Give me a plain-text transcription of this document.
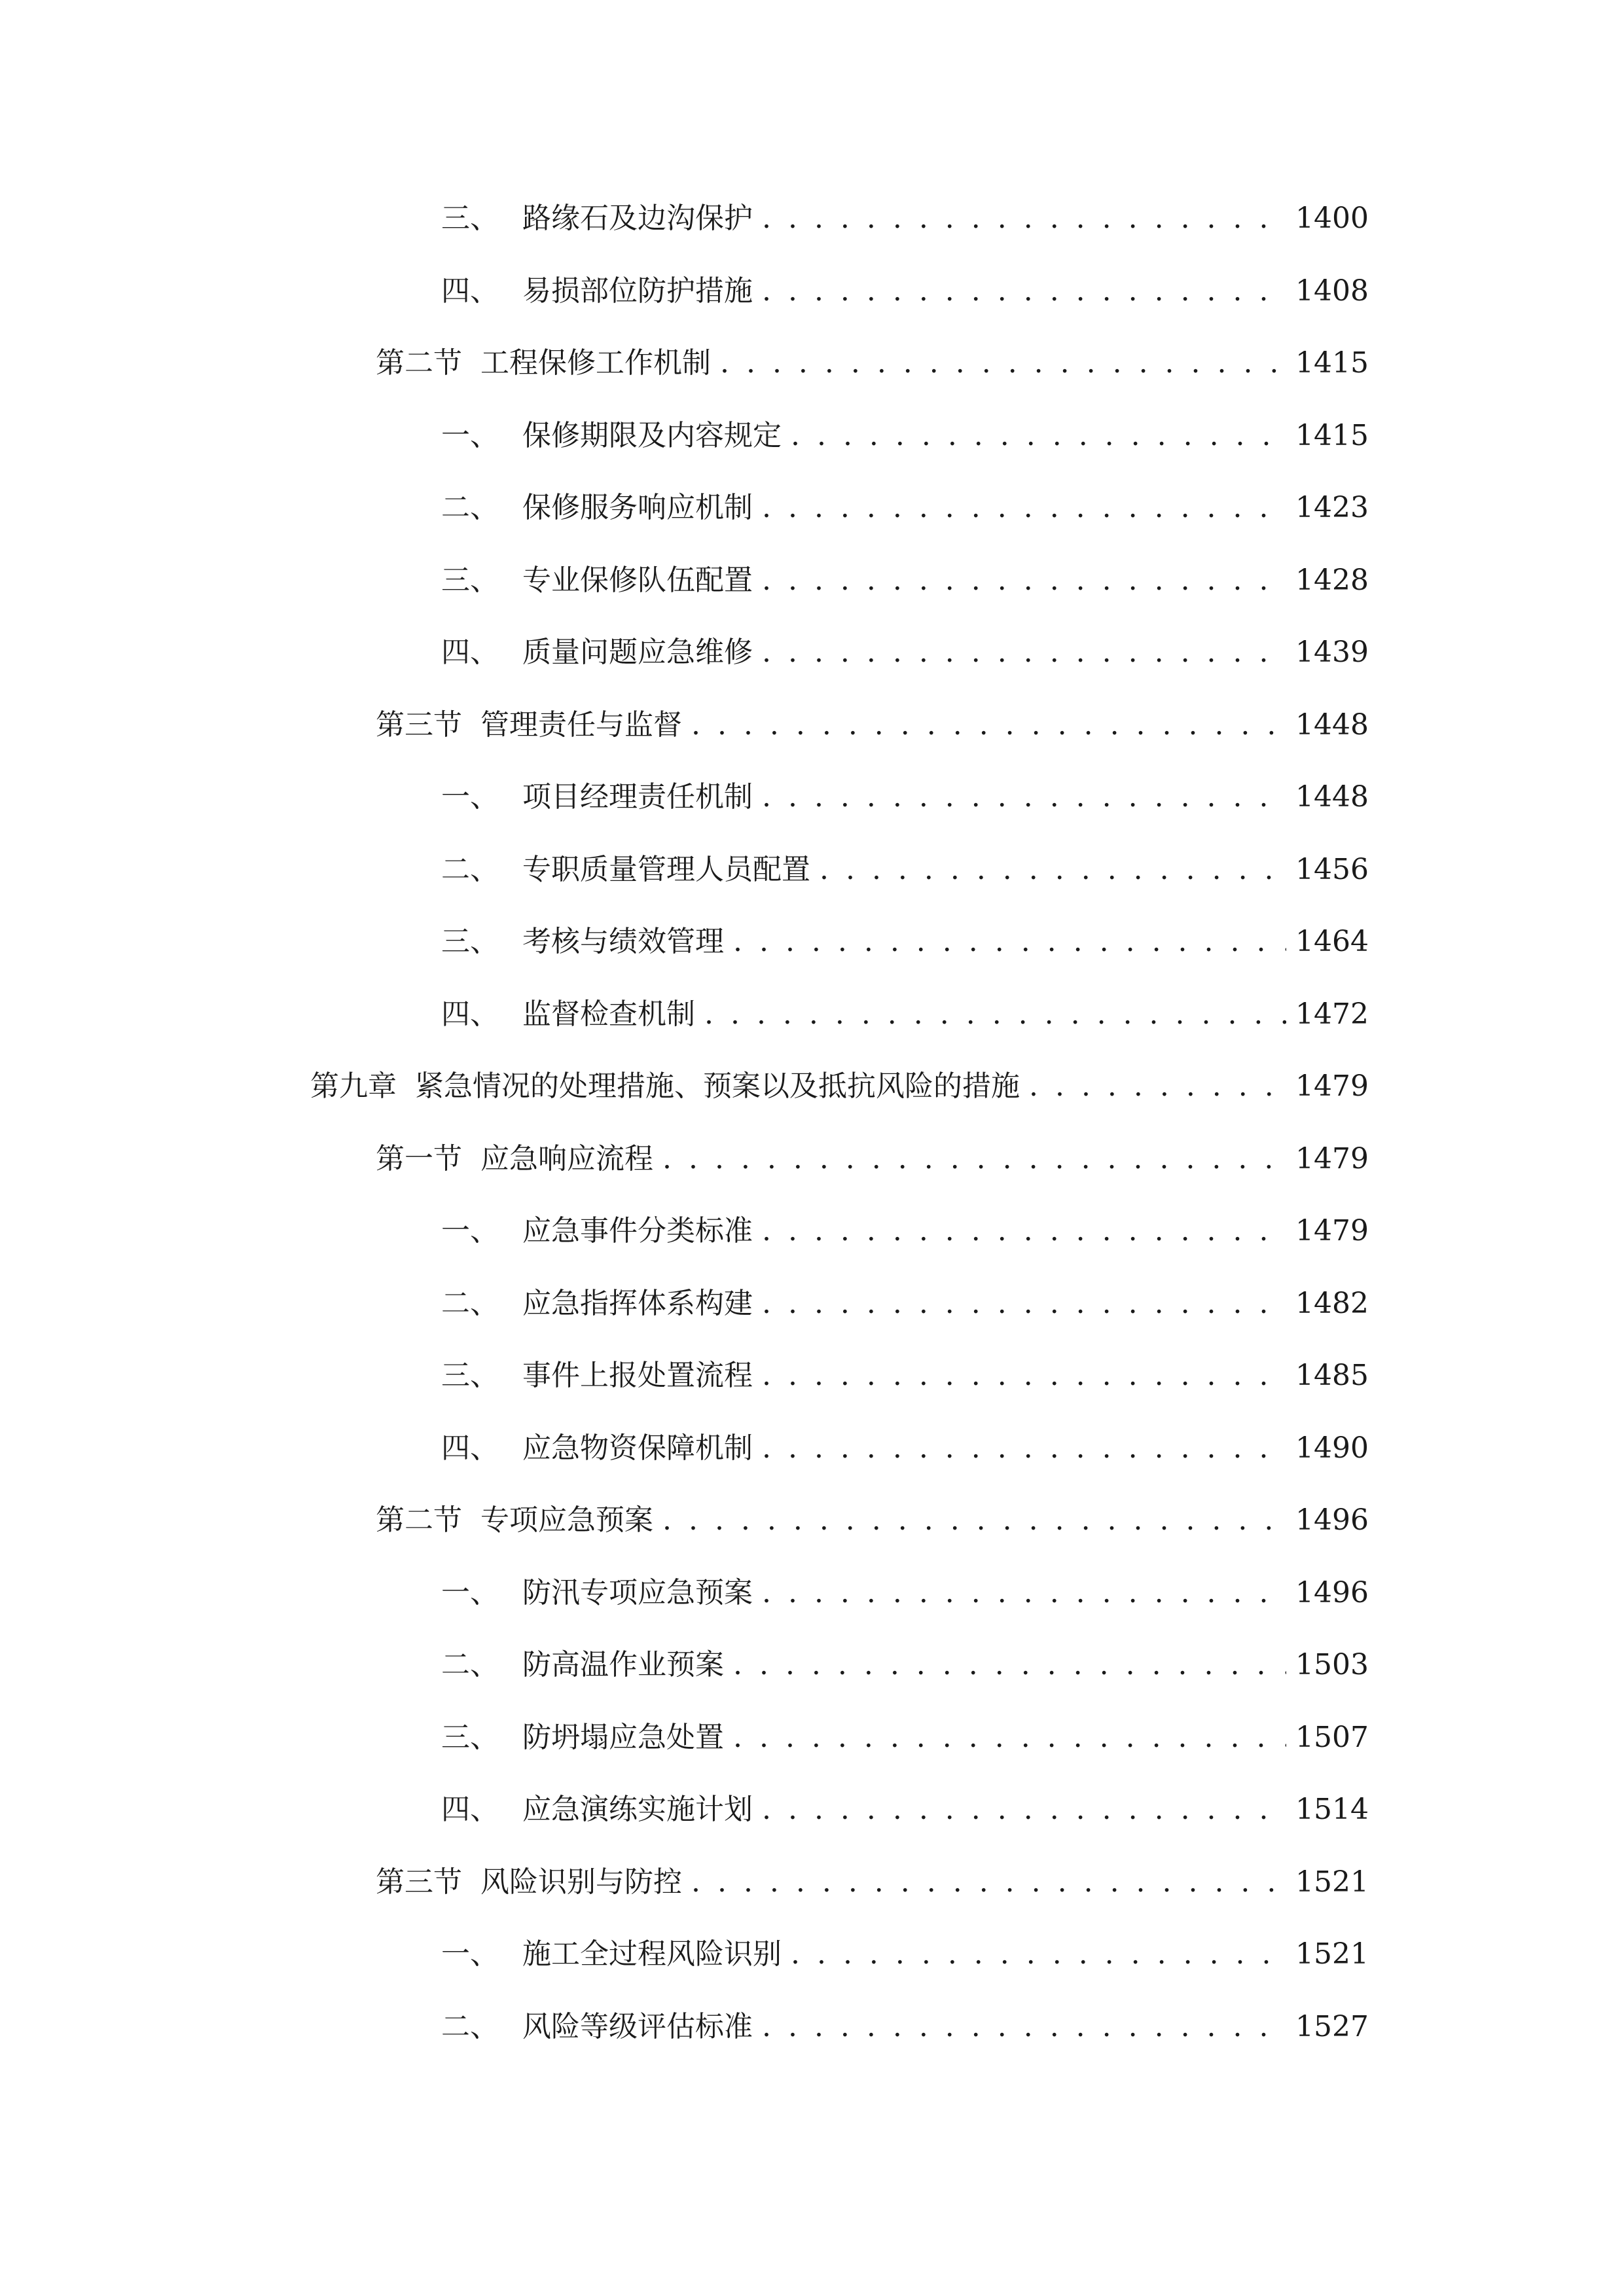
三、 路缘石及边沟保护 . . .	1400
四、 易损部位防护措施 . . .	1408
第二节 工程保修工作机制 . . .	1415
一、 保修期限及内容规定 . . .	1415
二、 保修服务响应机制 . . .	1423
三、 专业保修队伍配置 . . .	1428
四、 质量问题应急维修 . . .	1439
第三节 管理责任与监督 . . .	1448
一、 项目经理责任机制 . . .	1448
二、 专职质量管理人员配置 . . .	1456
三、 考核与绩效管理 . . .	1464
四、 监督检查机制 . . .	1472
第九章 紧急情况的处理措施、预案以及抵抗风险的措施 . . .	1479
第一节 应急响应流程 . . .	1479
一、 应急事件分类标准 . . .	1479
二、 应急指挥体系构建 . . .	1482
三、 事件上报处置流程 . . .	1485
四、 应急物资保障机制 . . .	1490
第二节 专项应急预案 . . .	1496
一、 防汛专项应急预案 . . .	1496
二、 防高温作业预案 . . .	1503
三、 防坍塌应急处置 . . .	1507
四、 应急演练实施计划 . . .	1514
第三节 风险识别与防控 . . .	1521
一、 施工全过程风险识别 . . .	1521
二、 风险等级评估标准 . . .	1527
